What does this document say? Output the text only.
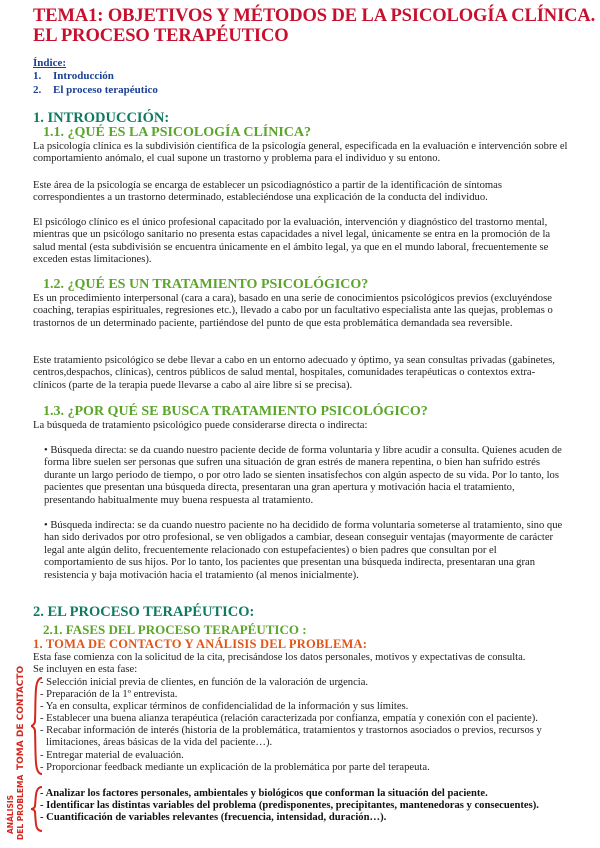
TEMA1: OBJETIVOS Y MÉTODOS DE LA PSICOLOGÍA CLÍNICA.
EL PROCESO TERAPÉUTICO
Índice:
1. Introducción
2. El proceso terapéutico
1. INTRODUCCIÓN:
1.1. ¿QUÉ ES LA PSICOLOGÍA CLÍNICA?
La psicología clínica es la subdivisión científica de la psicología general, especificada en la evaluación e intervención sobre el comportamiento anómalo, el cual supone un trastorno y problema para el individuo y su entono.
Este área de la psicología se encarga de establecer un psicodiagnóstico a partir de la identificación de síntomas correspondientes a un trastorno determinado, estableciéndose una explicación de la conducta del individuo.
El psicólogo clínico es el único profesional capacitado por la evaluación, intervención y diagnóstico del trastorno mental, mientras que un psicólogo sanitario no presenta estas capacidades a nivel legal, únicamente se entra en la promoción de la salud mental (esta subdivisión se encuentra únicamente en el ámbito legal, ya que en el mundo laboral, frecuentemente se exceden estas limitaciones).
1.2. ¿QUÉ ES UN TRATAMIENTO PSICOLÓGICO?
Es un procedimiento interpersonal (cara a cara), basado en una serie de conocimientos psicológicos previos (excluyéndose coaching, terapias espirituales, regresiones etc.), llevado a cabo por un facultativo especialista ante las quejas, problemas o trastornos de un determinado paciente, partiéndose del punto de que esta problemática demandada sea reversible.
Este tratamiento psicológico se debe llevar a cabo en un entorno adecuado y óptimo, ya sean consultas privadas (gabinetes, centros,despachos, clínicas), centros públicos de salud mental, hospitales, comunidades terapéuticas o contextos extra-clínicos (parte de la terapia puede llevarse a cabo al aire libre si se precisa).
1.3. ¿POR QUÉ SE BUSCA TRATAMIENTO PSICOLÓGICO?
La búsqueda de tratamiento psicológico puede considerarse directa o indirecta:
• Búsqueda directa: se da cuando nuestro paciente decide de forma voluntaria y libre acudir a consulta. Quienes acuden de forma libre suelen ser personas que sufren una situación de gran estrés de manera repentina, o bien han sufrido estrés durante un largo periodo de tiempo, o por otro lado se sienten insatisfechos con algún aspecto de su vida. Por lo tanto, los pacientes que presentan una búsqueda directa, presentaran una gran apertura y motivación hacia el tratamiento, presentando habitualmente muy buena respuesta al tratamiento.
• Búsqueda indirecta: se da cuando nuestro paciente no ha decidido de forma voluntaria someterse al tratamiento, sino que han sido derivados por otro profesional, se ven obligados a cambiar, desean conseguir ventajas (mayormente de carácter legal ante algún delito, frecuentemente relacionado con estupefacientes) o bien padres que consultan por el comportamiento de sus hijos. Por lo tanto, los pacientes que presentan una búsqueda indirecta, presentaran una gran resistencia y baja motivación hacia el tratamiento (al menos inicialmente).
2. EL PROCESO TERAPÉUTICO:
2.1. FASES DEL PROCESO TERAPÉUTICO :
1. TOMA DE CONTACTO Y ANÁLISIS DEL PROBLEMA:
Esta fase comienza con la solicitud de la cita, precisándose los datos personales, motivos y expectativas de consulta.
Se incluyen en esta fase:
TOMA DE CONTACTO - Selección inicial previa de clientes, en función de la valoración de urgencia.
- Preparación de la 1º entrevista.
- Ya en consulta, explicar términos de confidencialidad de la información y sus límites.
- Establecer una buena alianza terapéutica (relación caracterizada por confianza, empatía y conexión con el paciente).
- Recabar información de interés (historia de la problemática, tratamientos y trastornos asociados o previos, recursos y
limitaciones, áreas básicas de la vida del paciente…).
- Entregar material de evaluación.
- Proporcionar feedback mediante un explicación de la problemática por parte del terapeuta.
ANÁLISIS DEL PROBLEMA - Analizar los factores personales, ambientales y biológicos que conforman la situación del paciente.
- Identificar las distintas variables del problema (predisponentes, precipitantes, mantenedoras y consecuentes).
- Cuantificación de variables relevantes (frecuencia, intensidad, duración…).
